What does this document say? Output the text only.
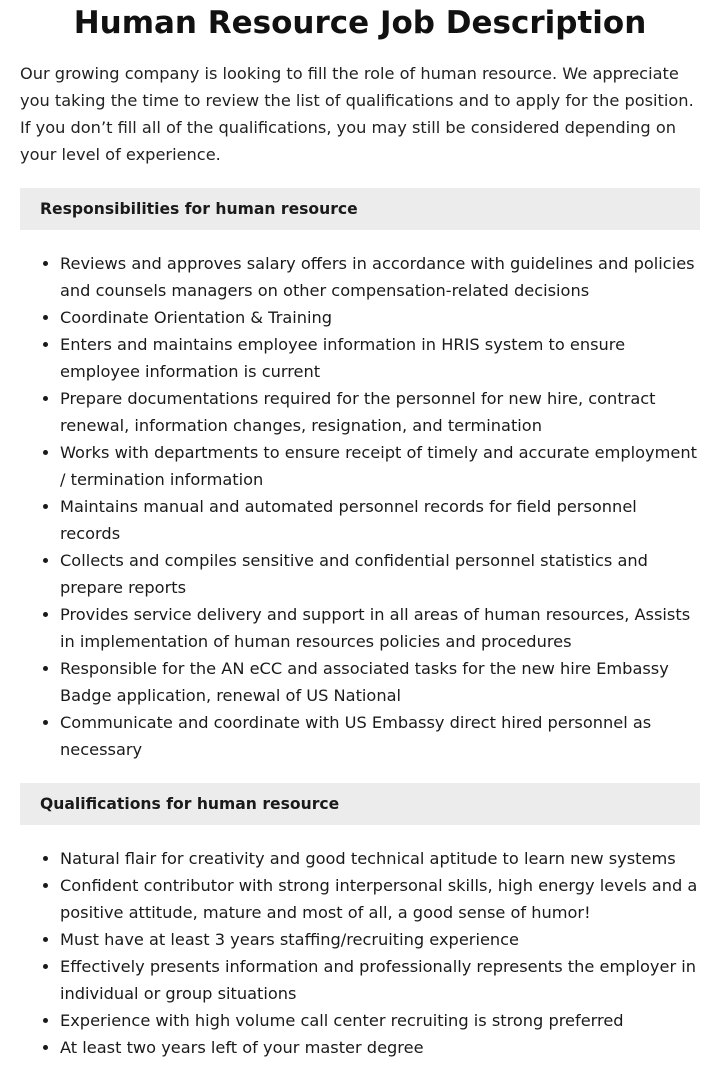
Human Resource Job Description

Our growing company is looking to fill the role of human resource. We appreciate you taking the time to review the list of qualifications and to apply for the position. If you don’t fill all of the qualifications, you may still be considered depending on your level of experience.

Responsibilities for human resource
• Reviews and approves salary offers in accordance with guidelines and policies and counsels managers on other compensation-related decisions
• Coordinate Orientation & Training
• Enters and maintains employee information in HRIS system to ensure employee information is current
• Prepare documentations required for the personnel for new hire, contract renewal, information changes, resignation, and termination
• Works with departments to ensure receipt of timely and accurate employment / termination information
• Maintains manual and automated personnel records for field personnel records
• Collects and compiles sensitive and confidential personnel statistics and prepare reports
• Provides service delivery and support in all areas of human resources, Assists in implementation of human resources policies and procedures
• Responsible for the AN eCC and associated tasks for the new hire Embassy Badge application, renewal of US National
• Communicate and coordinate with US Embassy direct hired personnel as necessary
Qualifications for human resource
• Natural flair for creativity and good technical aptitude to learn new systems
• Confident contributor with strong interpersonal skills, high energy levels and a positive attitude, mature and most of all, a good sense of humor!
• Must have at least 3 years staffing/recruiting experience
• Effectively presents information and professionally represents the employer in individual or group situations
• Experience with high volume call center recruiting is strong preferred
• At least two years left of your master degree
